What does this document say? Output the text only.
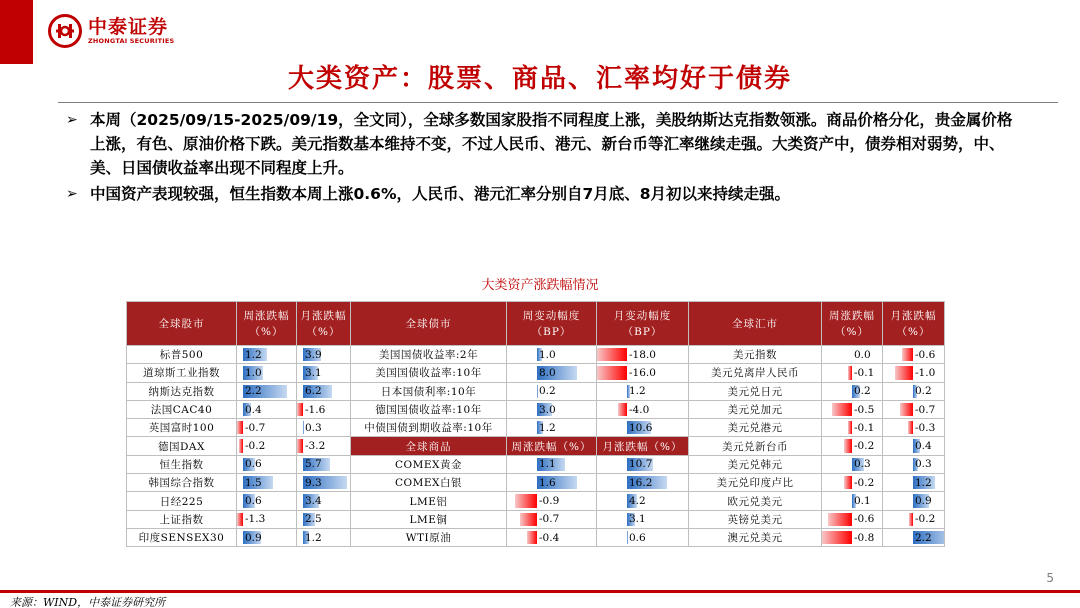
中泰证券
ZHONGTAI SECURITIES
大类资产：股票、商品、汇率均好于债券
➢ 本周（2025/09/15-2025/09/19，全文同），全球多数国家股指不同程度上涨，美股纳斯达克指数领涨。商品价格分化，贵金属价格上涨，有色、原油价格下跌。美元指数基本维持不变，不过人民币、港元、新台币等汇率继续走强。大类资产中，债券相对弱势，中、美、日国债收益率出现不同程度上升。
➢ 中国资产表现较强，恒生指数本周上涨0.6%，人民币、港元汇率分别自7月底、8月初以来持续走强。
大类资产涨跌幅情况
全球股市	周涨跌幅（%）	月涨跌幅（%）	全球债市	周变动幅度（BP）	月变动幅度（BP）	全球汇市	周涨跌幅（%）	月涨跌幅（%）
标普500	1.2	3.9	美国国债收益率:2年	1.0	-18.0	美元指数	0.0	-0.6

道琼斯工业指数	1.0	3.1	美国国债收益率:10年	8.0	-16.0	美元兑离岸人民币	-0.1	-1.0

纳斯达克指数	2.2	6.2	日本国债利率:10年	0.2	1.2	美元兑日元	0.2	0.2

法国CAC40	0.4	-1.6	德国国债收益率:10年	3.0	-4.0	美元兑加元	-0.5	-0.7

英国富时100	-0.7	0.3	中债国债到期收益率:10年	1.2	10.6	美元兑港元	-0.1	-0.3

德国DAX	-0.2	-3.2	全球商品	周涨跌幅（%）	月涨跌幅（%）	美元兑新台币	-0.2	0.4

恒生指数	0.6	5.7	COMEX黄金	1.1	10.7	美元兑韩元	0.3	0.3

韩国综合指数	1.5	9.3	COMEX白银	1.6	16.2	美元兑印度卢比	-0.2	1.2

日经225	0.6	3.4	LME铝	-0.9	4.2	欧元兑美元	0.1	0.9

上证指数	-1.3	2.5	LME铜	-0.7	3.1	英镑兑美元	-0.6	-0.2

印度SENSEX30	0.9	1.2	WTI原油	-0.4	0.6	澳元兑美元	-0.8	2.2
5
来源：WIND，中泰证券研究所
